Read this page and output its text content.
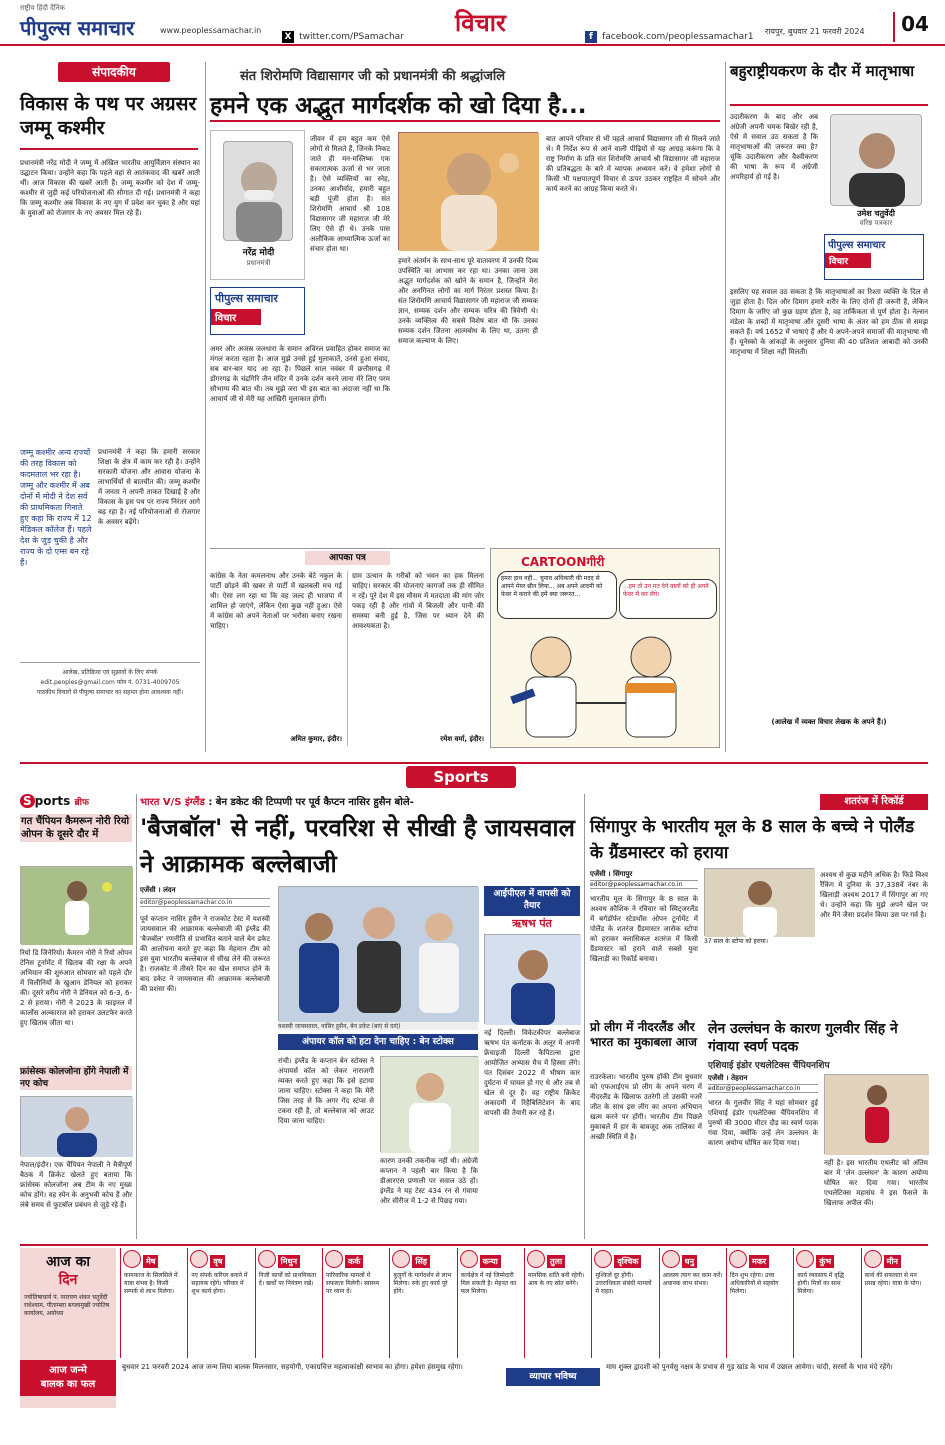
राष्ट्रीय हिंदी दैनिक
पीपुल्स समाचार	www.peoplessamachar.in
X twitter.com/PSamachar विचार	f facebook.com/peoplessamachar1
रायपुर, बुधवार 21 फरवरी 2024	04
संपादकीय
विकास के पथ पर अग्रसर जम्मू कश्मीर
प्रधानमंत्री नरेंद्र मोदी ने जम्मू में अखिल भारतीय आयुर्विज्ञान संस्थान का उद्घाटन किया। उन्होंने कहा कि पहले वहां से आतंकवाद की खबरें आती थीं। आज विकास की खबरें आती हैं। जम्मू कश्मीर को देश में जम्मू-कश्मीर से जुड़ी कई परियोजनाओं की सौगात दी गई। प्रधानमंत्री ने कहा कि जम्मू कश्मीर अब विकास के नए युग में प्रवेश कर चुका है और यहां के युवाओं को रोजगार के नए अवसर मिल रहे हैं।
जम्मू कश्मीर अन्य राज्यों की तरह विकास को कदमताल भर रहा है। जम्मू और कश्मीर में अब दोनों में मोदी ने देश सर्व की प्राथमिकता गिनाते हुए कहा कि राज्य में 12 मेडिकल कॉलेज हैं। पहले देश के जुड़ चुकी है और राज्य के दो एम्स बन रहे हैं।
प्रधानमंत्री ने कहा कि हमारी सरकार शिक्षा के क्षेत्र में काम कर रही है। उन्होंने सरकारी योजना और आवास योजना के लाभार्थियों से बातचीत की। जम्मू कश्मीर में जनता ने अपनी ताकत दिखाई है और विकास के इस पथ पर राज्य निरंतर आगे बढ़ रहा है। नई परियोजनाओं से रोजगार के अवसर बढ़ेंगे।
आलेख, प्रतिक्रिया एवं सुझावों के लिए संपर्क
edit.peoples@gmail.com फोन नं. 0731-4009705
पाठकीय विचारों से पीपुल्स समाचार का सहमत होना आवश्यक नहीं।
संत शिरोमणि विद्यासागर जी को प्रधानमंत्री की श्रद्धांजलि
हमने एक अद्भुत मार्गदर्शक को खो दिया है...
नरेंद्र मोदी
प्रधानमंत्री
जीवन में हम बहुत कम ऐसे लोगों से मिलते हैं, जिनके निकट जाते ही मन-मस्तिष्क एक सकारात्मक ऊर्जा से भर जाता है। ऐसे व्यक्तियों का स्नेह, उनका आशीर्वाद, हमारी बहुत बड़ी पूंजी होता है। संत शिरोमणि आचार्य श्री 108 विद्यासागर जी महाराज जी मेरे लिए ऐसे ही थे। उनके पास अलौकिक आध्यात्मिक ऊर्जा का संचार होता था।
पीपुल्स समाचार
विचार
अमर और अजस्र जलधारा के समान अविरल प्रवाहित होकर समाज का मंगल करता रहता है। आज मुझे उनसे हुई मुलाकातें, उनसे हुआ संवाद, सब बार-बार याद आ रहा है। पिछले साल नवंबर में छत्तीसगढ़ में डोंगरगढ़ के चंद्रगिरि जैन मंदिर में उनके दर्शन करने जाना मेरे लिए परम सौभाग्य की बात थी। तब मुझे जरा भी इस बात का अंदाजा नहीं था कि आचार्य जी से मेरी यह आखिरी मुलाकात होगी।
हमारे अंतर्मन के साथ-साथ पूरे वातावरण में उनकी दिव्य उपस्थिति का आभास कर रहा था। उनका जाना उस अद्भुत मार्गदर्शक को खोने के समान है, जिन्होंने मेरा और अनगिनत लोगों का मार्ग निरंतर प्रशस्त किया है। संत शिरोमणि आचार्य विद्यासागर जी महाराज जी सम्यक ज्ञान, सम्यक दर्शन और सम्यक चरित्र की त्रिवेणी थे। उनके व्यक्तित्व की सबसे विशेष बात थी कि उनका सम्यक दर्शन जितना आत्मबोध के लिए था, उतना ही समाज कल्याण के लिए।
बात आपने परिवार से भी पहले आचार्य विद्यासागर जी से मिलने जाते थे। मैं निर्देश रूप से आने वाली पीढ़ियों से यह आग्रह करूंगा कि वे राष्ट्र निर्माण के प्रति संत शिरोमणि आचार्य श्री विद्यासागर जी महाराज की प्रतिबद्धता के बारे में व्यापक अध्ययन करें। वे हमेशा लोगों से किसी भी पक्षपातपूर्ण विचार से ऊपर उठकर राष्ट्रहित में सोचने और कार्य करने का आग्रह किया करते थे।
बहुराष्ट्रीयकरण के दौर में मातृभाषा
उदारीकरण के बाद और अब अंग्रेजी अपनी चमक बिखेर रही है, ऐसे में सवाल उठ सकता है कि मातृभाषाओं की जरूरत क्या है? चूंकि उदारीकरण और वैश्वीकरण की भाषा के रूप में अंग्रेजी अपरिहार्य हो गई है।
उमेश चतुर्वेदी
वरिष्ठ पत्रकार
पीपुल्स समाचार
विचार
इसलिए यह सवाल उठ सकता है कि मातृभाषाओं का रिश्ता व्यक्ति के दिल से जुड़ा होता है। दिल और दिमाग हमारे शरीर के लिए दोनों ही जरूरी हैं, लेकिन दिमाग के जरिए जो कुछ ग्रहण होता है, वह तार्किकता से पूर्ण होता है। नेल्सन मंडेला के शब्दों में मातृभाषा और दूसरी भाषा के अंतर को हम ठीक से समझ सकते हैं। वर्ष 1652 में भाषाएं हैं और ये अपने-अपने समाजों की मातृभाषा भी हैं। यूनेस्को के आंकड़ों के अनुसार दुनिया की 40 प्रतिशत आबादी को उनकी मातृभाषा में शिक्षा नहीं मिलती।
(आलेख में व्यक्त विचार लेखक के अपने हैं।)
आपका पत्र
कांग्रेस के नेता कमलनाथ और उनके बेटे नकुल के पार्टी छोड़ने की खबर से पार्टी में खलबली मच गई थी। ऐसा लग रहा था कि वह जल्द ही भाजपा में शामिल हो जाएंगे, लेकिन ऐसा कुछ नहीं हुआ। ऐसे में कांग्रेस को अपने नेताओं पर भरोसा बनाए रखना चाहिए।
अमित कुमार, इंदौर।
ग्राम उत्थान के गरीबों को भवन का हक मिलना चाहिए। सरकार की योजनाएं कागजों तक ही सीमित न रहें। पूरे देश में इस मौसम में मतदाता की मांग जोर पकड़ रही है और गांवों में बिजली और पानी की समस्या बनी हुई है, जिस पर ध्यान देने की आवश्यकता है।
रमेश वर्मा, इंदौर।
CARTOONगीरी
हमरा हाथ नहीं... चुनाव अधिकारी की मदद से आपने मेयर छीन लिया... अब अपने आदमी को फेवर में कराने की हमें क्या जरूरत...
...हम तो उन मत देने वालों को ही अपने फेवर में कर लेंगे।
Sports
S ports ब्रीफ
गत चैंपियन कैमरून नोरी रियो ओपन के दूसरे दौर में
रियो डि जिनेरियो। कैमरन नोरी ने रियो ओपन टेनिस टूर्नामेंट में खिताब की रक्षा के अपने अभियान की शुरुआत सोमवार को पहले दौर में चिलीनियों के खुआन डेनियल को हराकर की। दूसरे वरीय नोरी ने डेनियल को 6-3, 6-2 से हराया। नोरी ने 2023 के फाइनल में कार्लोस अल्काराज को हराकर उलटफेर करते हुए खिताब जीता था।
फ्रांसेस्क कोलजोना होंगे नेपाली में नए कोच
नेपाल/इंदौर। एक चैंपियन नेपाली ने मैत्रीपूर्ण बैठक में क्रिकेट खेलते हुए बताया कि फ्रांसेस्क कोलजोना अब टीम के नए मुख्य कोच होंगे। वह स्पेन के अनुभवी कोच हैं और लंबे समय से फुटबॉल प्रबंधन से जुड़े रहे हैं।
भारत V/S इंग्लैंड : बेन डकेट की टिप्पणी पर पूर्व कैप्टन नासिर हुसैन बोले-
'बैजबॉल' से नहीं, परवरिश से सीखी है जायसवाल ने आक्रामक बल्लेबाजी
एजेंसी । लंदन
editor@peoplessamachar.co.in
पूर्व कप्तान नासिर हुसैन ने राजकोट टेस्ट में यशस्वी जायसवाल की आक्रामक बल्लेबाजी की इंग्लैंड की 'बैजबॉल' रणनीति से प्रभावित बताने वाले बेन डकेट की आलोचना करते हुए कहा कि मेहमान टीम को इस युवा भारतीय बल्लेबाज से सीख लेने की जरूरत है। राजकोट में तीसरे दिन का खेल समाप्त होने के बाद डकेट ने जायसवाल की आक्रामक बल्लेबाजी की प्रशंसा की।
यशस्वी जायसवाल, नासिर हुसैन, बेन डकेट (बाएं से दाएं)
अंपायर कॉल को हटा देना चाहिए : बेन स्टोक्स
रांची। इंग्लैंड के कप्तान बेन स्टोक्स ने अंपायर्स कॉल को लेकर नाराजगी व्यक्त करते हुए कहा कि इसे हटाया जाना चाहिए। स्टोक्स ने कहा कि मेरी जिस तरह से कि अगर गेंद स्टंप्स से टकरा रही है, तो बल्लेबाज को आउट दिया जाना चाहिए।
कारण उनकी तकनीक नहीं थी। अंग्रेजी कप्तान ने पहली बार किया है कि डीआरएस प्रणाली पर सवाल उठे हों। इंग्लैंड ने यह टेस्ट 434 रन से गंवाया और सीरीज में 1-2 से पिछड़ गया।
आईपीएल में वापसी को तैयार
ऋषभ पंत
नई दिल्ली। विकेटकीपर बल्लेबाज ऋषभ पंत कर्नाटक के अलूर में अपनी फ्रेंचाइजी दिल्ली कैपिटल्स द्वारा आयोजित अभ्यास मैच में हिस्सा लेंगे। पंत दिसंबर 2022 में भीषण कार दुर्घटना में घायल हो गए थे और तब से खेल से दूर हैं। वह राष्ट्रीय क्रिकेट अकादमी में रिहैबिलिटेशन के बाद वापसी की तैयारी कर रहे हैं।
शतरंज में रिकॉर्ड
सिंगापुर के भारतीय मूल के 8 साल के बच्चे ने पोलैंड के ग्रैंडमास्टर को हराया
एजेंसी । सिंगापुर
editor@peoplessamachar.co.in
भारतीय मूल के सिंगापुर के 8 साल के अश्वथ कौशिक ने रविवार को स्विट्जरलैंड में बर्गडॉर्फर स्टेडथॉस ओपन टूर्नामेंट में पोलैंड के शतरंज ग्रैंडमास्टर जासेक स्टोपा को हराकर क्लासिकल शतरंज में किसी ग्रैंडमास्टर को हराने वाले सबसे युवा खिलाड़ी का रिकॉर्ड बनाया।
37 साल के स्टोपा को हराया।
अश्वथ से कुछ महीने अधिक है। फिडे विश्व रैंकिंग में दुनिया के 37,338वें नंबर के खिलाड़ी अश्वथ 2017 में सिंगापुर आ गए थे। उन्होंने कहा कि मुझे अपने खेल पर और मैंने जैसा प्रदर्शन किया उस पर गर्व है।
प्रो लीग में नीदरलैंड और भारत का मुकाबला आज
राउरकेला। भारतीय पुरुष हॉकी टीम बुधवार को एफआईएच प्रो लीग के अपने चरण में नीदरलैंड के खिलाफ उतरेगी तो उसकी नजरें जीत के साथ इस लीग का अपना अभियान खत्म करने पर होंगी। भारतीय टीम पिछले मुकाबले में हार के बावजूद अंक तालिका में अच्छी स्थिति में है।
लेन उल्लंघन के कारण गुलवीर सिंह ने गंवाया स्वर्ण पदक
एशियाई इंडोर एथलेटिक्स चैंपियनशिप
एजेंसी । तेहरान
editor@peoplessamachar.co.in
भारत के गुलवीर सिंह ने यहां सोमवार हुई एशियाई इंडोर एथलेटिक्स चैंपियनशिप में पुरुषों की 3000 मीटर दौड़ का स्वर्ण पदक गंवा दिया, क्योंकि उन्हें लेन उल्लंघन के कारण अयोग्य घोषित कर दिया गया।
नहीं है। इस भारतीय एथलीट को अंतिम बार में 'लेन उल्लंघन' के कारण अयोग्य घोषित कर दिया गया। भारतीय एथलेटिक्स महासंघ ने इस फैसले के खिलाफ अपील की।
आज का
दिन
ज्योतिषाचार्य पं. नारायण शंकर चतुर्वेदी राधेश्याम, पीताम्बरा बगलामुखी ज्योतिष कार्यालय, अयोध्या
मेष
कामकाज के सिलसिले में यात्रा संभव है। किसी सम्पर्क से लाभ मिलेगा।
वृष
नए संपर्क करियर बनाने में सहायक रहेंगे। परिवार में शुभ कार्य होगा।
मिथुन
निजी कार्यों को प्राथमिकता दें। खर्चों पर नियंत्रण रखें।
कर्क
पारिवारिक मामलों में सफलता मिलेगी। स्वास्थ्य पर ध्यान दें।
सिंह
बुजुर्गों के मार्गदर्शन से लाभ मिलेगा। रुके हुए कार्य पूरे होंगे।
कन्या
कार्यक्षेत्र में नई जिम्मेदारी मिल सकती है। मेहनत का फल मिलेगा।
तुला
मानसिक शांति बनी रहेगी। आय के नए स्रोत बनेंगे।
वृश्चिक
मुश्किलें दूर होंगी। उत्तराधिकार संबंधी मामलों में राहत।
धनु
आलस्य त्याग कर काम करें। अचानक लाभ संभव।
मकर
दिन शुभ रहेगा। उच्च अधिकारियों से सहयोग मिलेगा।
कुंभ
कार्य व्यवसाय में वृद्धि होगी। मित्रों का साथ मिलेगा।
मीन
कार्य की सफलता से मन प्रसन्न रहेगा। यात्रा के योग।
आज जन्मे
बालक का फल
बुधवार 21 फरवरी 2024 आज जन्म लिया बालक मिलनसार, सहयोगी, एकाग्रचित्त महत्वाकांक्षी स्वभाव का होगा। हमेशा हंसमुख रहेगा।
व्यापार भविष्य
माघ शुक्ल द्वादशी को पुनर्वसु नक्षत्र के प्रभाव से गुड़ खांड के भाव में उछाल आयेगा। चांदी, सरसों के भाव मंदे रहेंगे।
